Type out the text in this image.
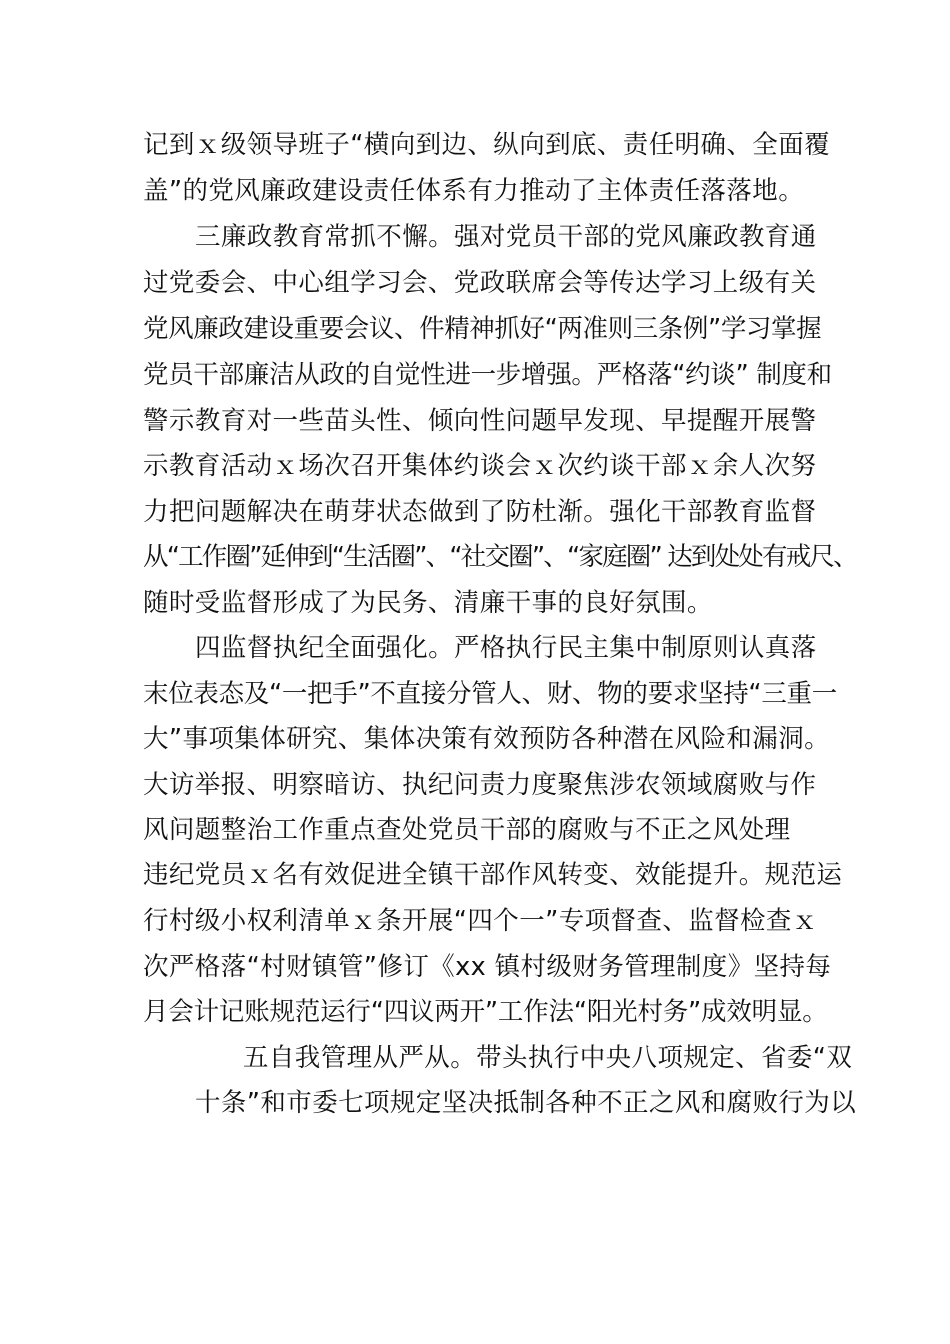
记到ｘ级领导班子“横向到边、纵向到底、责任明确、全面覆
盖”的党风廉政建设责任体系有力推动了主体责任落落地。
三廉政教育常抓不懈。强对党员干部的党风廉政教育通
过党委会、中心组学习会、党政联席会等传达学习上级有关
党风廉政建设重要会议、件精神抓好“两准则三条例”学习掌握
党员干部廉洁从政的自觉性进一步增强。严格落“约谈” 制度和
警示教育对一些苗头性、倾向性问题早发现、早提醒开展警
示教育活动ｘ场次召开集体约谈会ｘ次约谈干部ｘ余人次努
力把问题解决在萌芽状态做到了防杜渐。强化干部教育监督
从“工作圈”延伸到“生活圈”、“社交圈”、“家庭圈” 达到处处有戒尺、
随时受监督形成了为民务、清廉干事的良好氛围。
四监督执纪全面强化。严格执行民主集中制原则认真落
末位表态及“一把手”不直接分管人、财、物的要求坚持“三重一
大”事项集体研究、集体决策有效预防各种潜在风险和漏洞。
大访举报、明察暗访、执纪问责力度聚焦涉农领域腐败与作
风问题整治工作重点查处党员干部的腐败与不正之风处理
违纪党员ｘ名有效促进全镇干部作风转变、效能提升。规范运
行村级小权利清单ｘ条开展“四个一”专项督查、监督检查ｘ
次严格落“村财镇管”修订《xx 镇村级财务管理制度》坚持每
月会计记账规范运行“四议两开”工作法“阳光村务”成效明显。
五自我管理从严从。带头执行中央八项规定、省委“双
十条”和市委七项规定坚决抵制各种不正之风和腐败行为以
